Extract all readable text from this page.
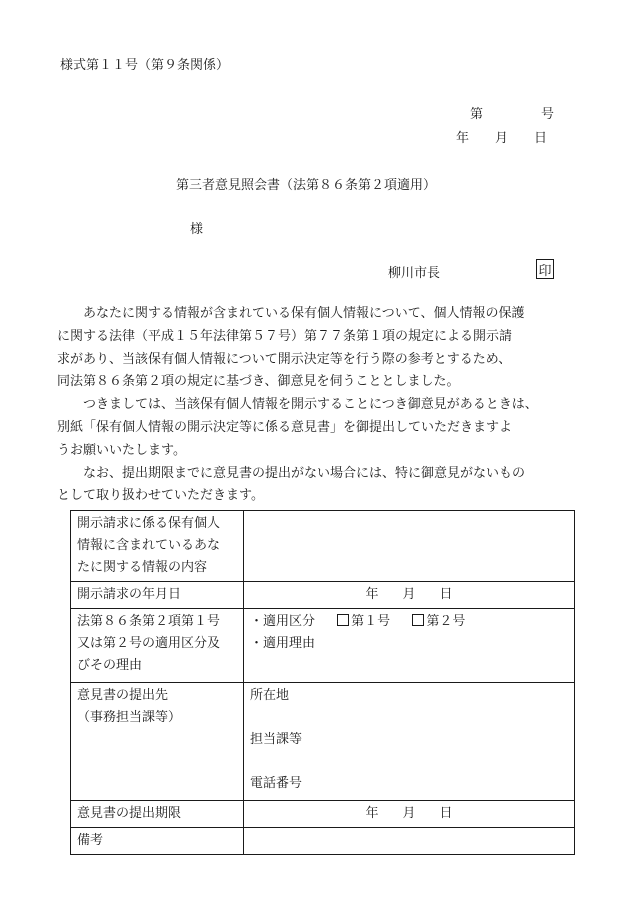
様式第１１号（第９条関係）
第	号
年 月 日
第三者意見照会書（法第８６条第２項適用）
様
柳川市長	印

あなたに関する情報が含まれている保有個人情報について、個人情報の保護
に関する法律（平成１５年法律第５７号）第７７条第１項の規定による開示請
求があり、当該保有個人情報について開示決定等を行う際の参考とするため、
同法第８６条第２項の規定に基づき、御意見を伺うこととしました。

つきましては、当該保有個人情報を開示することにつき御意見があるときは、
別紙「保有個人情報の開示決定等に係る意見書」を御提出していただきますよ
うお願いいたします。

なお、提出期限までに意見書の提出がない場合には、特に御意見がないもの
として取り扱わせていただきます。

開示請求に係る保有個人
情報に含まれているあな
たに関する情報の内容	
開示請求の年月日	年 月 日
法第８６条第２項第１号
又は第２号の適用区分及
びその理由	・適用区分 第１号 第２号
・適用理由
意見書の提出先
（事務担当課等）	所在地
担当課等
電話番号
意見書の提出期限	年 月 日
備考	
